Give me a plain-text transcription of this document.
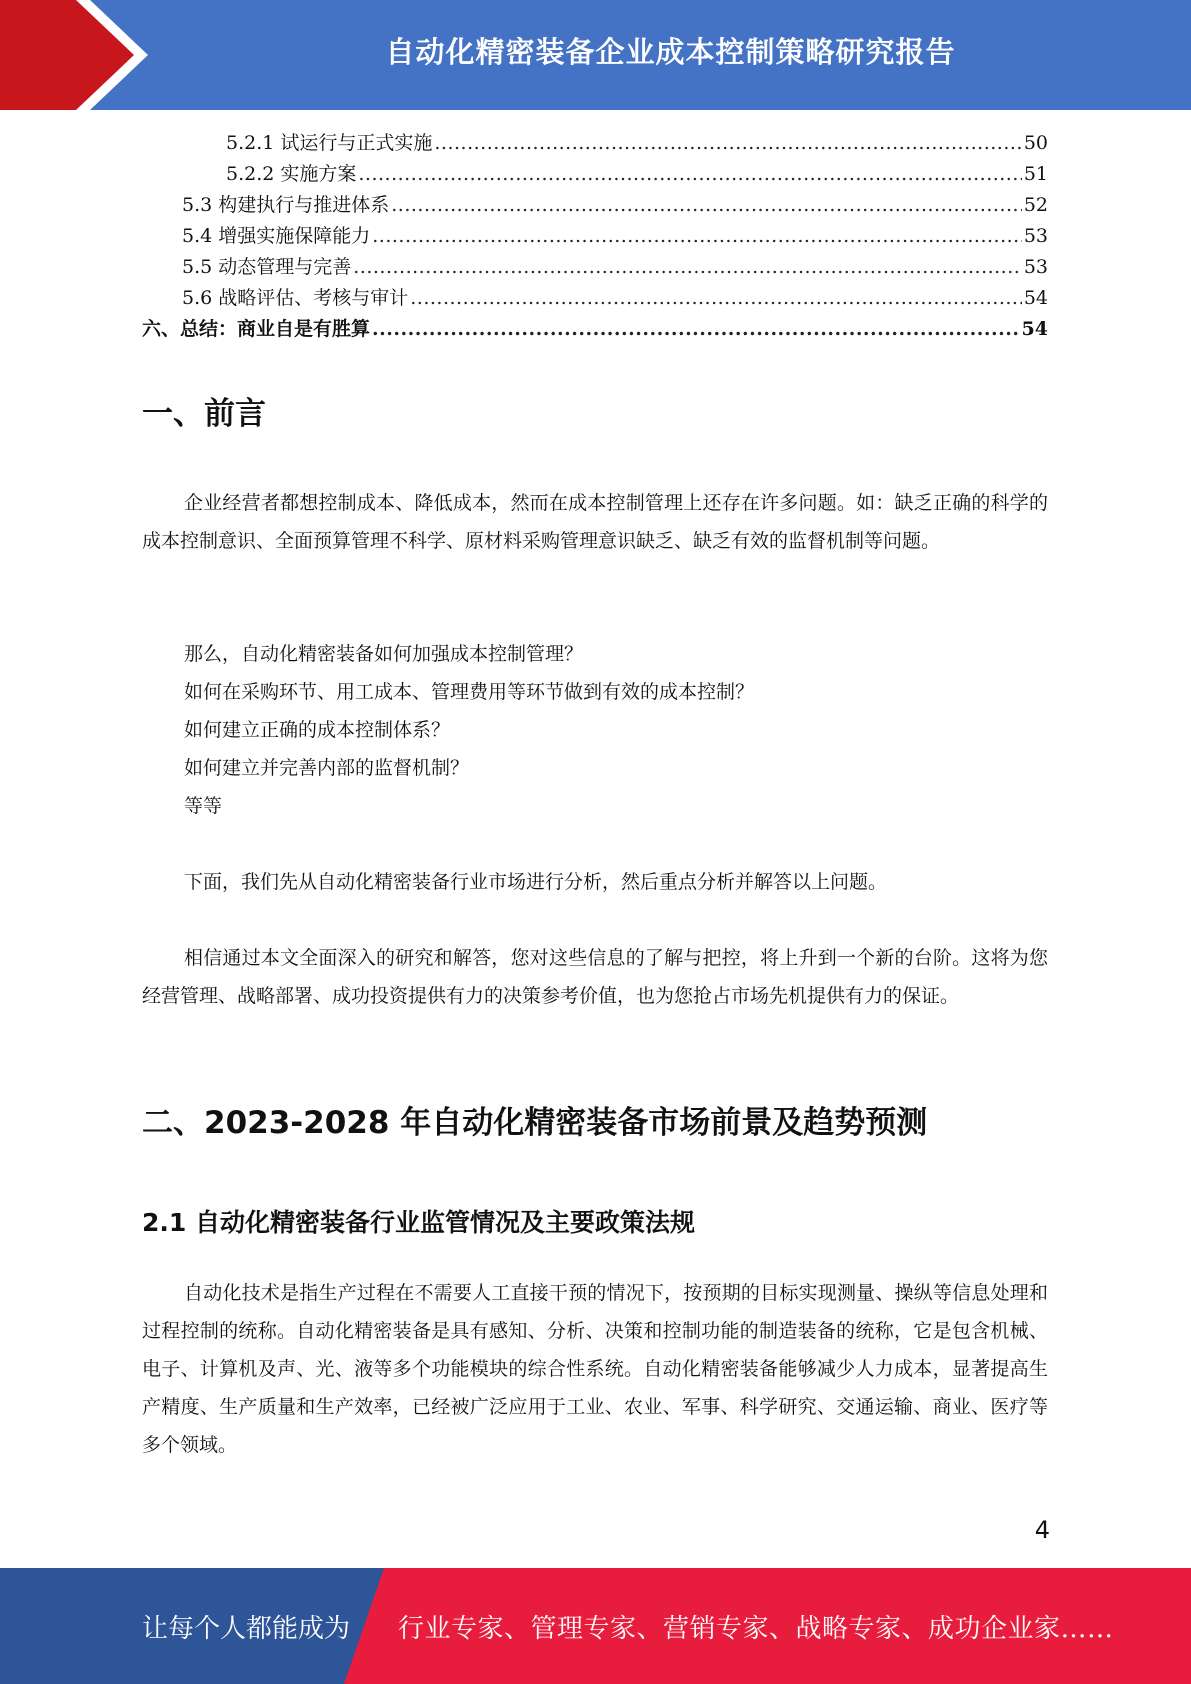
自动化精密装备企业成本控制策略研究报告
5.2.1 试运行与正式实施 .....	50
5.2.2 实施方案 .....	51
5.3 构建执行与推进体系 .....	52
5.4 增强实施保障能力 .....	53
5.5 动态管理与完善 .....	53
5.6 战略评估、考核与审计 .....	54
六、总结：商业自是有胜算 .....	54
一、前言

企业经营者都想控制成本、降低成本，然而在成本控制管理上还存在许多问题。如：缺乏正确的科学的成本控制意识、全面预算管理不科学、原材料采购管理意识缺乏、缺乏有效的监督机制等问题。

那么，自动化精密装备如何加强成本控制管理？

如何在采购环节、用工成本、管理费用等环节做到有效的成本控制？

如何建立正确的成本控制体系？

如何建立并完善内部的监督机制？

等等

下面，我们先从自动化精密装备行业市场进行分析，然后重点分析并解答以上问题。

相信通过本文全面深入的研究和解答，您对这些信息的了解与把控，将上升到一个新的台阶。这将为您经营管理、战略部署、成功投资提供有力的决策参考价值，也为您抢占市场先机提供有力的保证。

二、2023-2028 年自动化精密装备市场前景及趋势预测
2.1 自动化精密装备行业监管情况及主要政策法规

自动化技术是指生产过程在不需要人工直接干预的情况下，按预期的目标实现测量、操纵等信息处理和过程控制的统称。自动化精密装备是具有感知、分析、决策和控制功能的制造装备的统称，它是包含机械、电子、计算机及声、光、液等多个功能模块的综合性系统。自动化精密装备能够减少人力成本，显著提高生产精度、生产质量和生产效率，已经被广泛应用于工业、农业、军事、科学研究、交通运输、商业、医疗等多个领域。

4
让每个人都能成为 行业专家、管理专家、营销专家、战略专家、成功企业家……
